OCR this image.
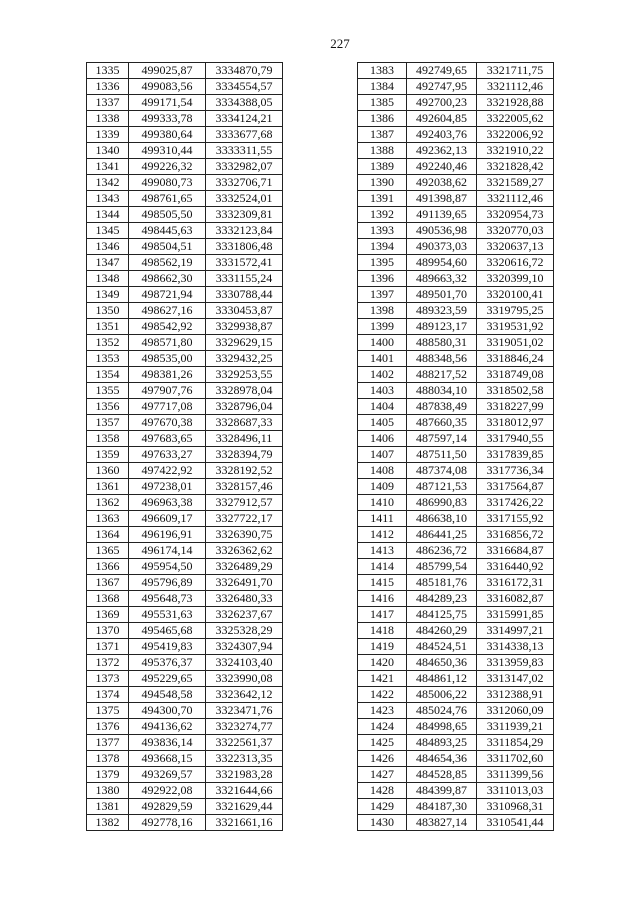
227
1335	499025,87	3334870,79
1336	499083,56	3334554,57
1337	499171,54	3334388,05
1338	499333,78	3334124,21
1339	499380,64	3333677,68
1340	499310,44	3333311,55
1341	499226,32	3332982,07
1342	499080,73	3332706,71
1343	498761,65	3332524,01
1344	498505,50	3332309,81
1345	498445,63	3332123,84
1346	498504,51	3331806,48
1347	498562,19	3331572,41
1348	498662,30	3331155,24
1349	498721,94	3330788,44
1350	498627,16	3330453,87
1351	498542,92	3329938,87
1352	498571,80	3329629,15
1353	498535,00	3329432,25
1354	498381,26	3329253,55
1355	497907,76	3328978,04
1356	497717,08	3328796,04
1357	497670,38	3328687,33
1358	497683,65	3328496,11
1359	497633,27	3328394,79
1360	497422,92	3328192,52
1361	497238,01	3328157,46
1362	496963,38	3327912,57
1363	496609,17	3327722,17
1364	496196,91	3326390,75
1365	496174,14	3326362,62
1366	495954,50	3326489,29
1367	495796,89	3326491,70
1368	495648,73	3326480,33
1369	495531,63	3326237,67
1370	495465,68	3325328,29
1371	495419,83	3324307,94
1372	495376,37	3324103,40
1373	495229,65	3323990,08
1374	494548,58	3323642,12
1375	494300,70	3323471,76
1376	494136,62	3323274,77
1377	493836,14	3322561,37
1378	493668,15	3322313,35
1379	493269,57	3321983,28
1380	492922,08	3321644,66
1381	492829,59	3321629,44
1382	492778,16	3321661,16
1383	492749,65	3321711,75
1384	492747,95	3321112,46
1385	492700,23	3321928,88
1386	492604,85	3322005,62
1387	492403,76	3322006,92
1388	492362,13	3321910,22
1389	492240,46	3321828,42
1390	492038,62	3321589,27
1391	491398,87	3321112,46
1392	491139,65	3320954,73
1393	490536,98	3320770,03
1394	490373,03	3320637,13
1395	489954,60	3320616,72
1396	489663,32	3320399,10
1397	489501,70	3320100,41
1398	489323,59	3319795,25
1399	489123,17	3319531,92
1400	488580,31	3319051,02
1401	488348,56	3318846,24
1402	488217,52	3318749,08
1403	488034,10	3318502,58
1404	487838,49	3318227,99
1405	487660,35	3318012,97
1406	487597,14	3317940,55
1407	487511,50	3317839,85
1408	487374,08	3317736,34
1409	487121,53	3317564,87
1410	486990,83	3317426,22
1411	486638,10	3317155,92
1412	486441,25	3316856,72
1413	486236,72	3316684,87
1414	485799,54	3316440,92
1415	485181,76	3316172,31
1416	484289,23	3316082,87
1417	484125,75	3315991,85
1418	484260,29	3314997,21
1419	484524,51	3314338,13
1420	484650,36	3313959,83
1421	484861,12	3313147,02
1422	485006,22	3312388,91
1423	485024,76	3312060,09
1424	484998,65	3311939,21
1425	484893,25	3311854,29
1426	484654,36	3311702,60
1427	484528,85	3311399,56
1428	484399,87	3311013,03
1429	484187,30	3310968,31
1430	483827,14	3310541,44
